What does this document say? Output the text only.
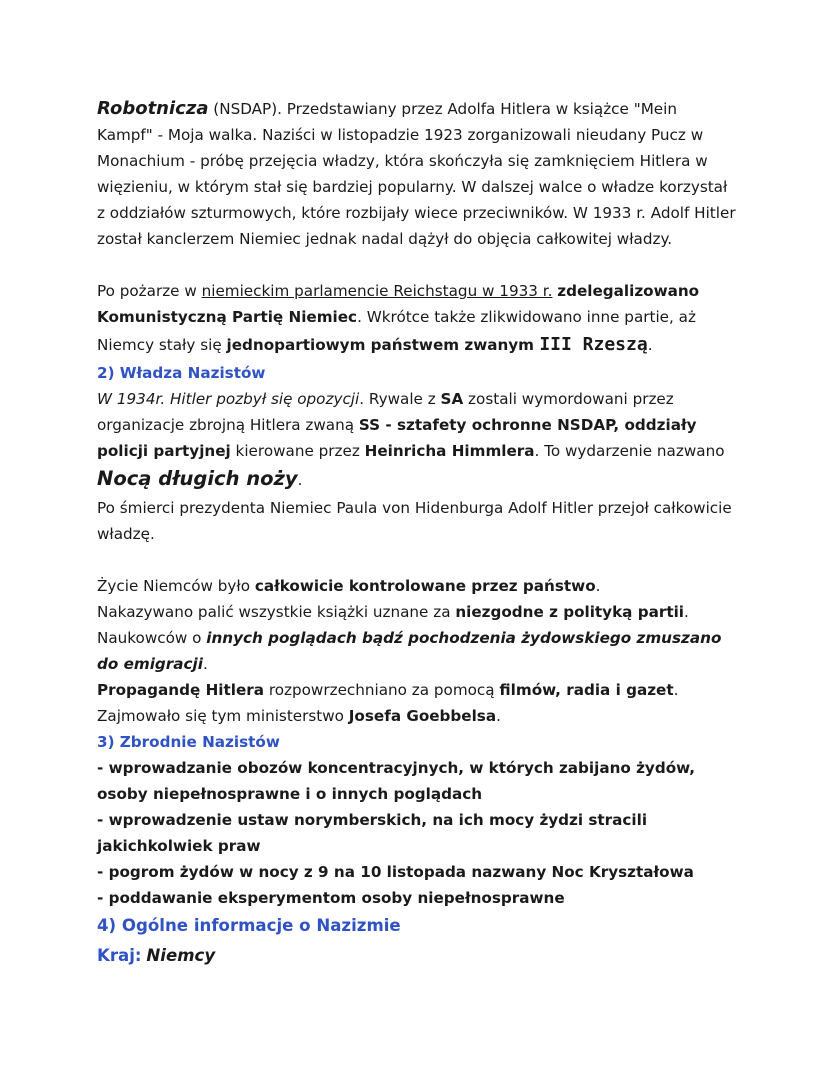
Robotnicza (NSDAP). Przedstawiany przez Adolfa Hitlera w książce "Mein Kampf" - Moja walka. Naziści w listopadzie 1923 zorganizowali nieudany Pucz w Monachium - próbę przejęcia władzy, która skończyła się zamknięciem Hitlera w więzieniu, w którym stał się bardziej popularny. W dalszej walce o władze korzystał z oddziałów szturmowych, które rozbijały wiece przeciwników. W 1933 r. Adolf Hitler został kanclerzem Niemiec jednak nadal dążył do objęcia całkowitej władzy.

Po pożarze w niemieckim parlamencie Reichstagu w 1933 r. zdelegalizowano Komunistyczną Partię Niemiec. Wkrótce także zlikwidowano inne partie, aż Niemcy stały się jednopartiowym państwem zwanym III Rzeszą.

2) Władza Nazistów

W 1934r. Hitler pozbył się opozycji. Rywale z SA zostali wymordowani przez organizacje zbrojną Hitlera zwaną SS - sztafety ochronne NSDAP, oddziały policji partyjnej kierowane przez Heinricha Himmlera. To wydarzenie nazwano

Nocą długich noży.

Po śmierci prezydenta Niemiec Paula von Hidenburga Adolf Hitler przejoł całkowicie władzę.

Życie Niemców było całkowicie kontrolowane przez państwo.

Nakazywano palić wszystkie książki uznane za niezgodne z polityką partii.

Naukowców o innych poglądach bądź pochodzenia żydowskiego zmuszano do emigracji.

Propagandę Hitlera rozpowrzechniano za pomocą filmów, radia i gazet. Zajmowało się tym ministerstwo Josefa Goebbelsa.

3) Zbrodnie Nazistów

- wprowadzanie obozów koncentracyjnych, w których zabijano żydów, osoby niepełnosprawne i o innych poglądach

- wprowadzenie ustaw norymberskich, na ich mocy żydzi stracili jakichkolwiek praw

- pogrom żydów w nocy z 9 na 10 listopada nazwany Noc Kryształowa

- poddawanie eksperymentom osoby niepełnosprawne

4) Ogólne informacje o Nazizmie

Kraj: Niemcy
